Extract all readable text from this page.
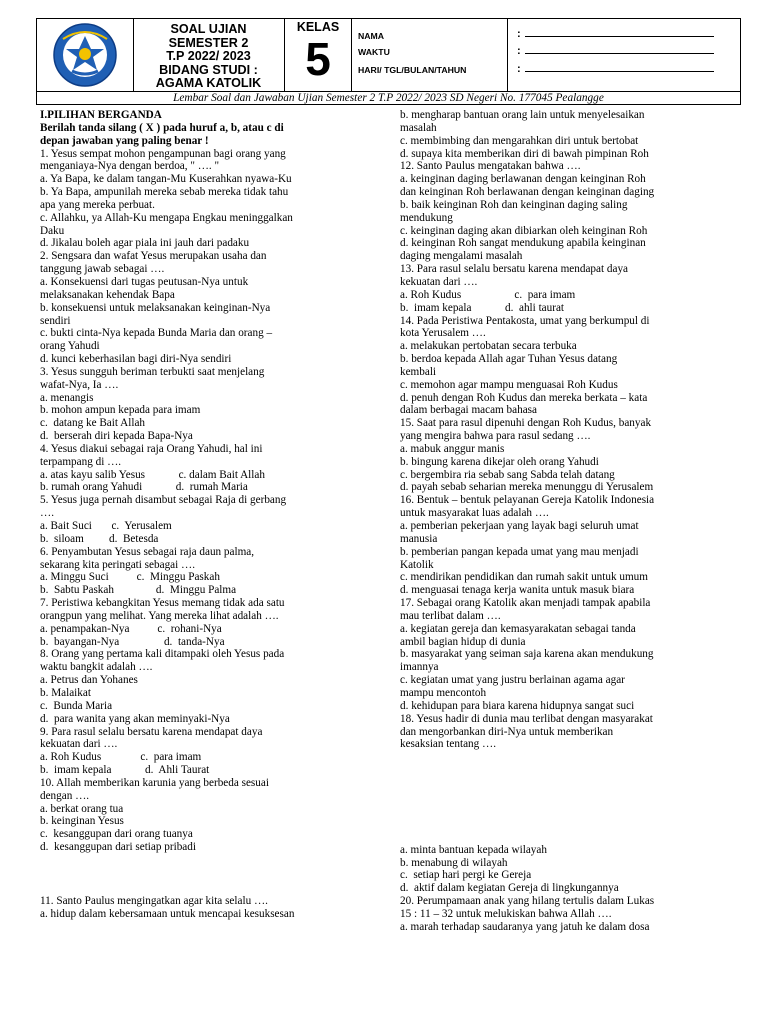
SOAL UJIAN
SEMESTER 2
T.P 2022/ 2023
BIDANG STUDI :
AGAMA KATOLIK
KELAS
5	NAMA
WAKTU
HARI/ TGL/BULAN/TAHUN
:
:
:
Lembar Soal dan Jawaban Ujian Semester 2 T.P 2022/ 2023 SD Negeri No. 177045 Pealangge

I.PILIHAN BERGANDA

Berilah tanda silang ( X ) pada huruf a, b, atau c di

depan jawaban yang paling benar !

1. Yesus sempat mohon pengampunan bagi orang yang

menganiaya-Nya dengan berdoa, " …. "

a. Ya Bapa, ke dalam tangan-Mu Kuserahkan nyawa-Ku

b. Ya Bapa, ampunilah mereka sebab mereka tidak tahu

apa yang mereka perbuat.

c. Allahku, ya Allah-Ku mengapa Engkau meninggalkan

Daku

d. Jikalau boleh agar piala ini jauh dari padaku

2. Sengsara dan wafat Yesus merupakan usaha dan

tanggung jawab sebagai ….

a. Konsekuensi dari tugas peutusan-Nya untuk

melaksanakan kehendak Bapa

b. konsekuensi untuk melaksanakan keinginan-Nya

sendiri

c. bukti cinta-Nya kepada Bunda Maria dan orang –

orang Yahudi

d. kunci keberhasilan bagi diri-Nya sendiri

3. Yesus sungguh beriman terbukti saat menjelang

wafat-Nya, Ia ….

a. menangis

b. mohon ampun kepada para imam

c.  datang ke Bait Allah

d.  berserah diri kepada Bapa-Nya

4. Yesus diakui sebagai raja Orang Yahudi, hal ini

terpampang di ….

a. atas kayu salib Yesus            c. dalam Bait Allah

b. rumah orang Yahudi            d.  rumah Maria

5. Yesus juga pernah disambut sebagai Raja di gerbang

….

a. Bait Suci       c.  Yerusalem

b.  siloam         d.  Betesda

6. Penyambutan Yesus sebagai raja daun palma,

sekarang kita peringati sebagai ….

a. Minggu Suci          c.  Minggu Paskah

b.  Sabtu Paskah               d.  Minggu Palma

7. Peristiwa kebangkitan Yesus memang tidak ada satu

orangpun yang melihat. Yang mereka lihat adalah ….

a. penampakan-Nya          c.  rohani-Nya

b.  bayangan-Nya                d.  tanda-Nya

8. Orang yang pertama kali ditampaki oleh Yesus pada

waktu bangkit adalah ….

a. Petrus dan Yohanes

b. Malaikat

c.  Bunda Maria

d.  para wanita yang akan meminyaki-Nya

9. Para rasul selalu bersatu karena mendapat daya

kekuatan dari ….

a. Roh Kudus              c.  para imam

b.  imam kepala            d.  Ahli Taurat

10. Allah memberikan karunia yang berbeda sesuai

dengan ….

a. berkat orang tua

b. keinginan Yesus

c.  kesanggupan dari orang tuanya

d.  kesanggupan dari setiap pribadi

11. Santo Paulus mengingatkan agar kita selalu ….

a. hidup dalam kebersamaan untuk mencapai kesuksesan

b. mengharap bantuan orang lain untuk menyelesaikan

masalah

c. membimbing dan mengarahkan diri untuk bertobat

d. supaya kita memberikan diri di bawah pimpinan Roh

12. Santo Paulus mengatakan bahwa ….

a. keinginan daging berlawanan dengan keinginan Roh

dan keinginan Roh berlawanan dengan keinginan daging

b. baik keinginan Roh dan keinginan daging saling

mendukung

c. keinginan daging akan dibiarkan oleh keinginan Roh

d. keinginan Roh sangat mendukung apabila keinginan

daging mengalami masalah

13. Para rasul selalu bersatu karena mendapat daya

kekuatan dari ….

a. Roh Kudus                   c.  para imam

b.  imam kepala            d.  ahli taurat

14. Pada Peristiwa Pentakosta, umat yang berkumpul di

kota Yerusalem ….

a. melakukan pertobatan secara terbuka

b. berdoa kepada Allah agar Tuhan Yesus datang

kembali

c. memohon agar mampu menguasai Roh Kudus

d. penuh dengan Roh Kudus dan mereka berkata – kata

dalam berbagai macam bahasa

15. Saat para rasul dipenuhi dengan Roh Kudus, banyak

yang mengira bahwa para rasul sedang ….

a. mabuk anggur manis

b. bingung karena dikejar oleh orang Yahudi

c. bergembira ria sebab sang Sabda telah datang

d. payah sebab seharian mereka menunggu di Yerusalem

16. Bentuk – bentuk pelayanan Gereja Katolik Indonesia

untuk masyarakat luas adalah ….

a. pemberian pekerjaan yang layak bagi seluruh umat

manusia

b. pemberian pangan kepada umat yang mau menjadi

Katolik

c. mendirikan pendidikan dan rumah sakit untuk umum

d. menguasai tenaga kerja wanita untuk masuk biara

17. Sebagai orang Katolik akan menjadi tampak apabila

mau terlibat dalam ….

a. kegiatan gereja dan kemasyarakatan sebagai tanda

ambil bagian hidup di dunia

b. masyarakat yang seiman saja karena akan mendukung

imannya

c. kegiatan umat yang justru berlainan agama agar

mampu mencontoh

d. kehidupan para biara karena hidupnya sangat suci

18. Yesus hadir di dunia mau terlibat dengan masyarakat

dan mengorbankan diri-Nya untuk memberikan

kesaksian tentang ….

a. minta bantuan kepada wilayah

b. menabung di wilayah

c.  setiap hari pergi ke Gereja

d.  aktif dalam kegiatan Gereja di lingkungannya

20. Perumpamaan anak yang hilang tertulis dalam Lukas

15 : 11 – 32 untuk melukiskan bahwa Allah ….

a. marah terhadap saudaranya yang jatuh ke dalam dosa
